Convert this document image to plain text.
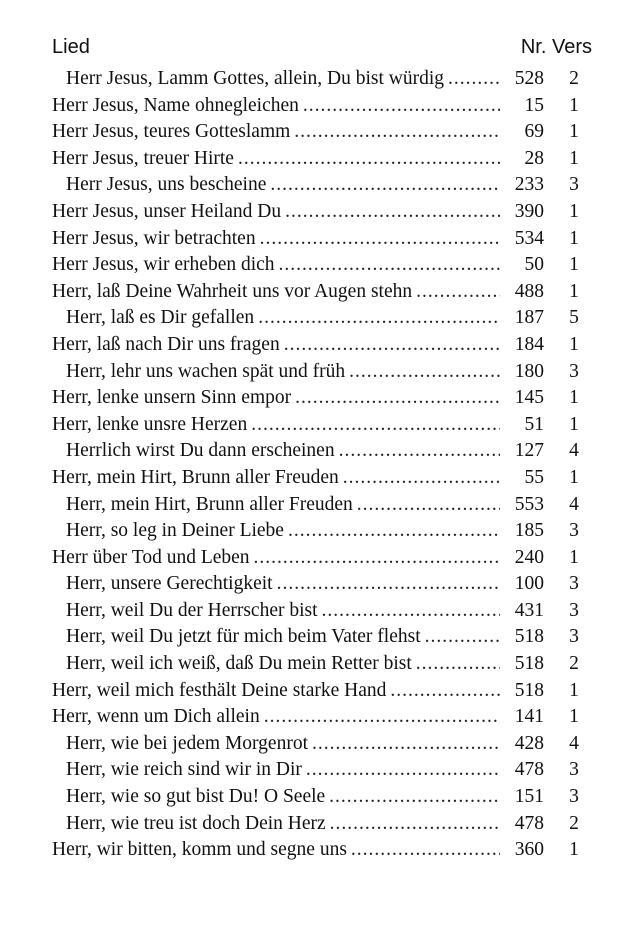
Lied	Nr. Vers
Herr Jesus, Lamm Gottes, allein, Du bist würdig .....	528	2
Herr Jesus, Name ohnegleichen .....	15	1
Herr Jesus, teures Gotteslamm .....	69	1
Herr Jesus, treuer Hirte .....	28	1
Herr Jesus, uns bescheine .....	233	3
Herr Jesus, unser Heiland Du .....	390	1
Herr Jesus, wir betrachten .....	534	1
Herr Jesus, wir erheben dich .....	50	1
Herr, laß Deine Wahrheit uns vor Augen stehn .....	488	1
Herr, laß es Dir gefallen .....	187	5
Herr, laß nach Dir uns fragen .....	184	1
Herr, lehr uns wachen spät und früh .....	180	3
Herr, lenke unsern Sinn empor .....	145	1
Herr, lenke unsre Herzen .....	51	1
Herrlich wirst Du dann erscheinen .....	127	4
Herr, mein Hirt, Brunn aller Freuden .....	55	1
Herr, mein Hirt, Brunn aller Freuden .....	553	4
Herr, so leg in Deiner Liebe .....	185	3
Herr über Tod und Leben .....	240	1
Herr, unsere Gerechtigkeit .....	100	3
Herr, weil Du der Herrscher bist .....	431	3
Herr, weil Du jetzt für mich beim Vater flehst .....	518	3
Herr, weil ich weiß, daß Du mein Retter bist .....	518	2
Herr, weil mich festhält Deine starke Hand .....	518	1
Herr, wenn um Dich allein .....	141	1
Herr, wie bei jedem Morgenrot .....	428	4
Herr, wie reich sind wir in Dir .....	478	3
Herr, wie so gut bist Du! O Seele .....	151	3
Herr, wie treu ist doch Dein Herz .....	478	2
Herr, wir bitten, komm und segne uns .....	360	1
